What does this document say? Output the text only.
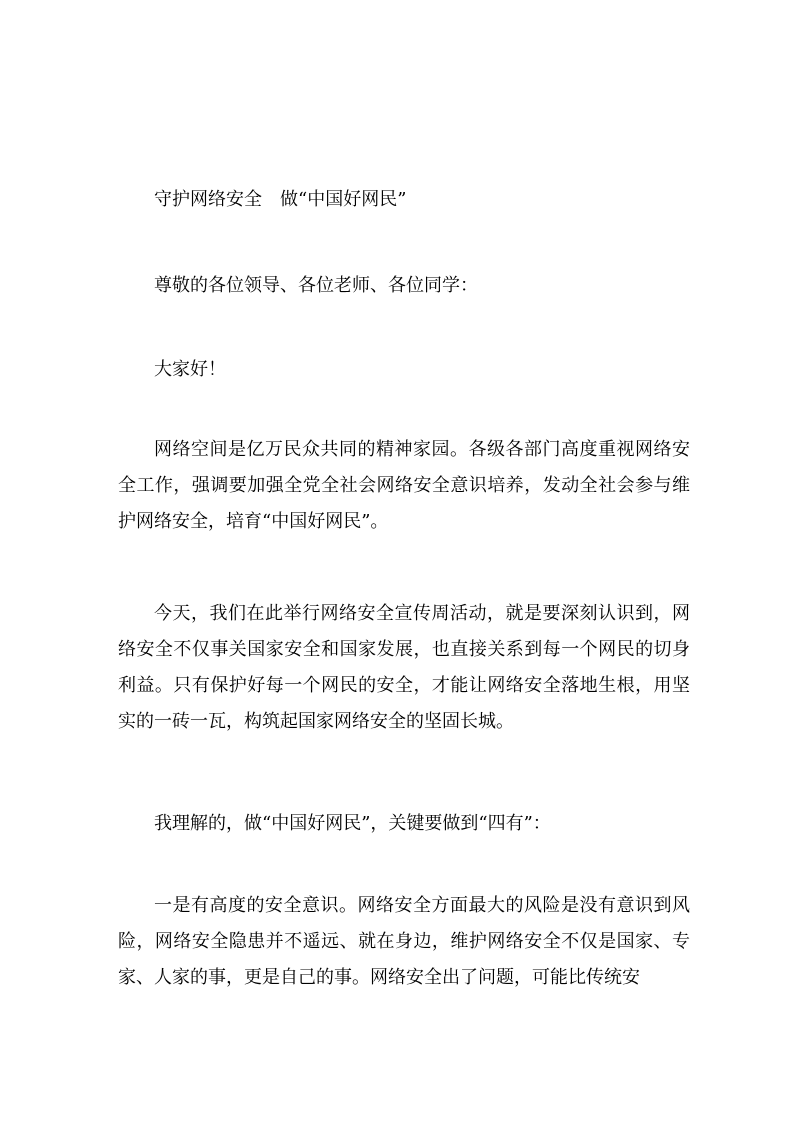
守护网络安全　做“中国好网民”

尊敬的各位领导、各位老师、各位同学：

大家好！

网络空间是亿万民众共同的精神家园。各级各部门高度重视网络安全工作，强调要加强全党全社会网络安全意识培养，发动全社会参与维护网络安全，培育“中国好网民”。

今天，我们在此举行网络安全宣传周活动，就是要深刻认识到，网络安全不仅事关国家安全和国家发展，也直接关系到每一个网民的切身利益。只有保护好每一个网民的安全，才能让网络安全落地生根，用坚实的一砖一瓦，构筑起国家网络安全的坚固长城。

我理解的，做“中国好网民”，关键要做到“四有”：

一是有高度的安全意识。网络安全方面最大的风险是没有意识到风险，网络安全隐患并不遥远、就在身边，维护网络安全不仅是国家、专家、人家的事，更是自己的事。网络安全出了问题，可能比传统安
